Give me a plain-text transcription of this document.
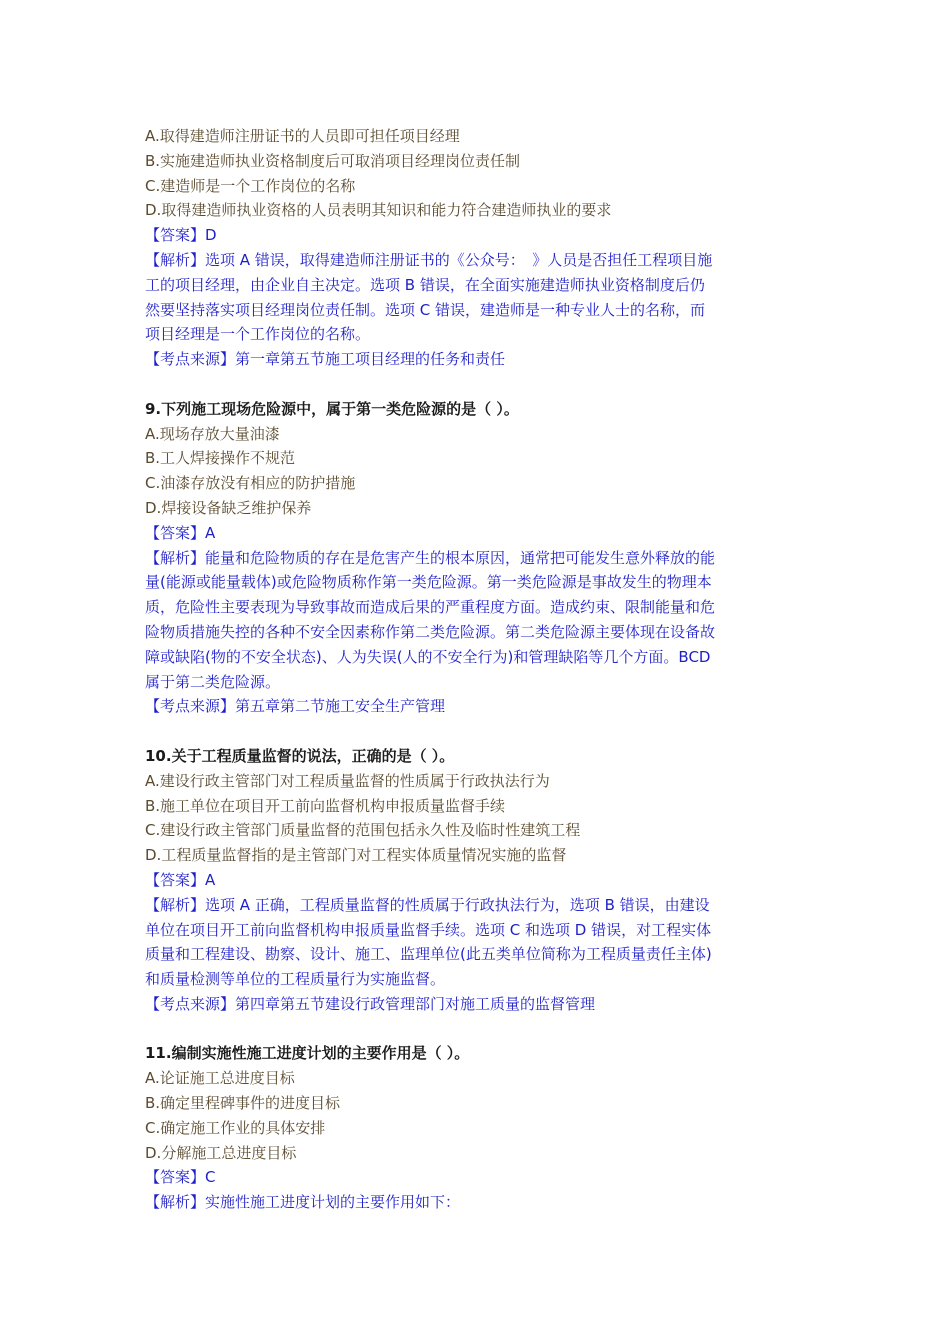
A.取得建造师注册证书的人员即可担任项目经理

B.实施建造师执业资格制度后可取消项目经理岗位责任制

C.建造师是一个工作岗位的名称

D.取得建造师执业资格的人员表明其知识和能力符合建造师执业的要求

【答案】D

【解析】选项 A 错误，取得建造师注册证书的《公众号：　》人员是否担任工程项目施

工的项目经理，由企业自主决定。选项 B 错误，在全面实施建造师执业资格制度后仍

然要坚持落实项目经理岗位责任制。选项 C 错误，建造师是一种专业人士的名称，而

项目经理是一个工作岗位的名称。

【考点来源】第一章第五节施工项目经理的任务和责任

9.下列施工现场危险源中，属于第一类危险源的是（ ）。

A.现场存放大量油漆

B.工人焊接操作不规范

C.油漆存放没有相应的防护措施

D.焊接设备缺乏维护保养

【答案】A

【解析】能量和危险物质的存在是危害产生的根本原因，通常把可能发生意外释放的能

量(能源或能量载体)或危险物质称作第一类危险源。第一类危险源是事故发生的物理本

质，危险性主要表现为导致事故而造成后果的严重程度方面。造成约束、限制能量和危

险物质措施失控的各种不安全因素称作第二类危险源。第二类危险源主要体现在设备故

障或缺陷(物的不安全状态)、人为失误(人的不安全行为)和管理缺陷等几个方面。BCD

属于第二类危险源。

【考点来源】第五章第二节施工安全生产管理

10.关于工程质量监督的说法，正确的是（ ）。

A.建设行政主管部门对工程质量监督的性质属于行政执法行为

B.施工单位在项目开工前向监督机构申报质量监督手续

C.建设行政主管部门质量监督的范围包括永久性及临时性建筑工程

D.工程质量监督指的是主管部门对工程实体质量情况实施的监督

【答案】A

【解析】选项 A 正确，工程质量监督的性质属于行政执法行为，选项 B 错误，由建设

单位在项目开工前向监督机构申报质量监督手续。选项 C 和选项 D 错误，对工程实体

质量和工程建设、勘察、设计、施工、监理单位(此五类单位简称为工程质量责任主体)

和质量检测等单位的工程质量行为实施监督。

【考点来源】第四章第五节建设行政管理部门对施工质量的监督管理

11.编制实施性施工进度计划的主要作用是（ ）。

A.论证施工总进度目标

B.确定里程碑事件的进度目标

C.确定施工作业的具体安排

D.分解施工总进度目标

【答案】C

【解析】实施性施工进度计划的主要作用如下：
